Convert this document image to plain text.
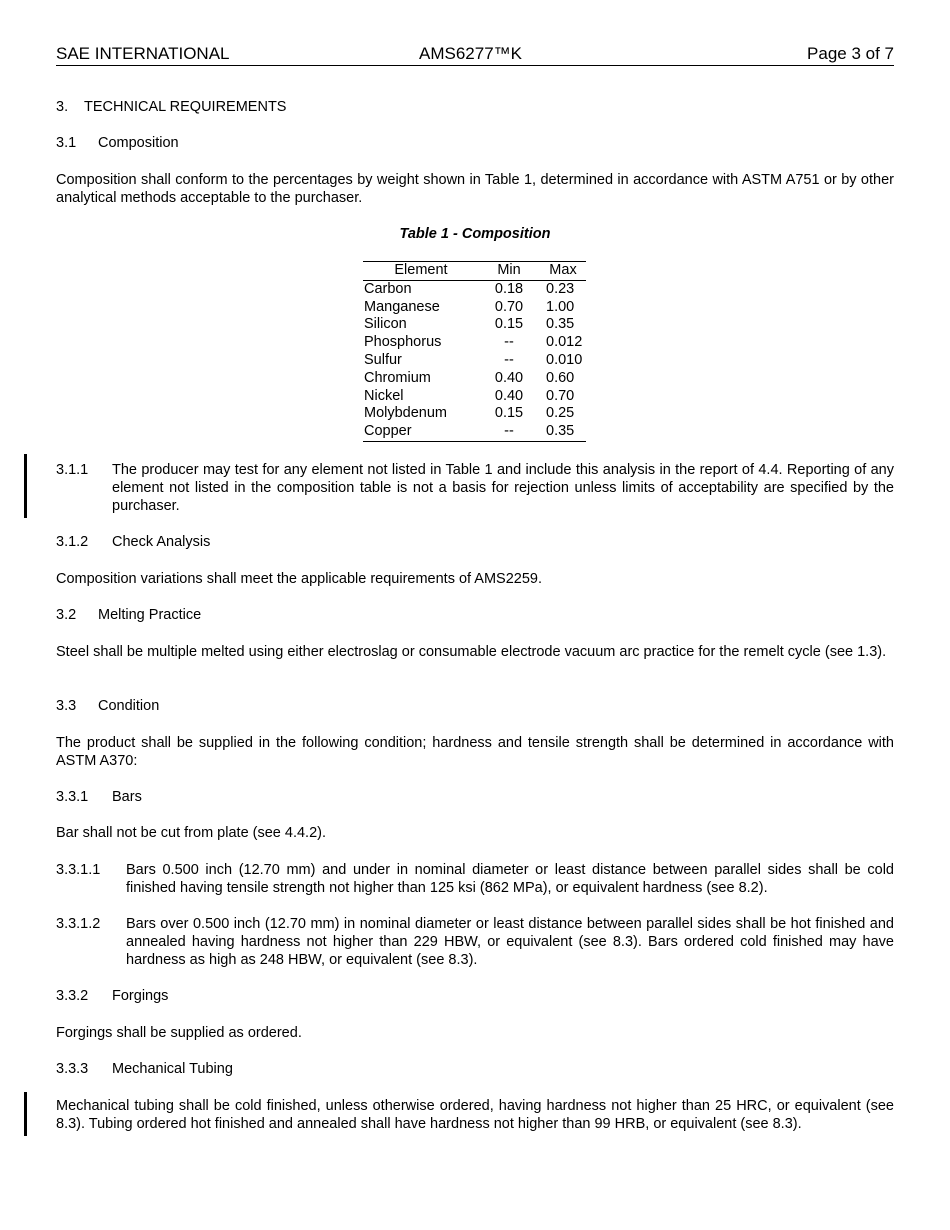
SAE INTERNATIONAL	AMS6277™K	Page 3 of 7
3. TECHNICAL REQUIREMENTS
3.1 Composition
Composition shall conform to the percentages by weight shown in Table 1, determined in accordance with ASTM A751 or by other analytical methods acceptable to the purchaser.
Table 1 - Composition
Element	Min	Max
Carbon	0.18	0.23
Manganese	0.70	1.00
Silicon	0.15	0.35
Phosphorus	--	0.012
Sulfur	--	0.010
Chromium	0.40	0.60
Nickel	0.40	0.70
Molybdenum	0.15	0.25
Copper	--	0.35
3.1.1 The producer may test for any element not listed in Table 1 and include this analysis in the report of 4.4. Reporting of any element not listed in the composition table is not a basis for rejection unless limits of acceptability are specified by the purchaser.
3.1.2 Check Analysis
Composition variations shall meet the applicable requirements of AMS2259.
3.2 Melting Practice
Steel shall be multiple melted using either electroslag or consumable electrode vacuum arc practice for the remelt cycle (see 1.3).
3.3 Condition
The product shall be supplied in the following condition; hardness and tensile strength shall be determined in accordance with ASTM A370:
3.3.1 Bars
Bar shall not be cut from plate (see 4.4.2).
3.3.1.1 Bars 0.500 inch (12.70 mm) and under in nominal diameter or least distance between parallel sides shall be cold finished having tensile strength not higher than 125 ksi (862 MPa), or equivalent hardness (see 8.2).
3.3.1.2 Bars over 0.500 inch (12.70 mm) in nominal diameter or least distance between parallel sides shall be hot finished and annealed having hardness not higher than 229 HBW, or equivalent (see 8.3). Bars ordered cold finished may have hardness as high as 248 HBW, or equivalent (see 8.3).
3.3.2 Forgings
Forgings shall be supplied as ordered.
3.3.3 Mechanical Tubing
Mechanical tubing shall be cold finished, unless otherwise ordered, having hardness not higher than 25 HRC, or equivalent (see 8.3). Tubing ordered hot finished and annealed shall have hardness not higher than 99 HRB, or equivalent (see 8.3).
